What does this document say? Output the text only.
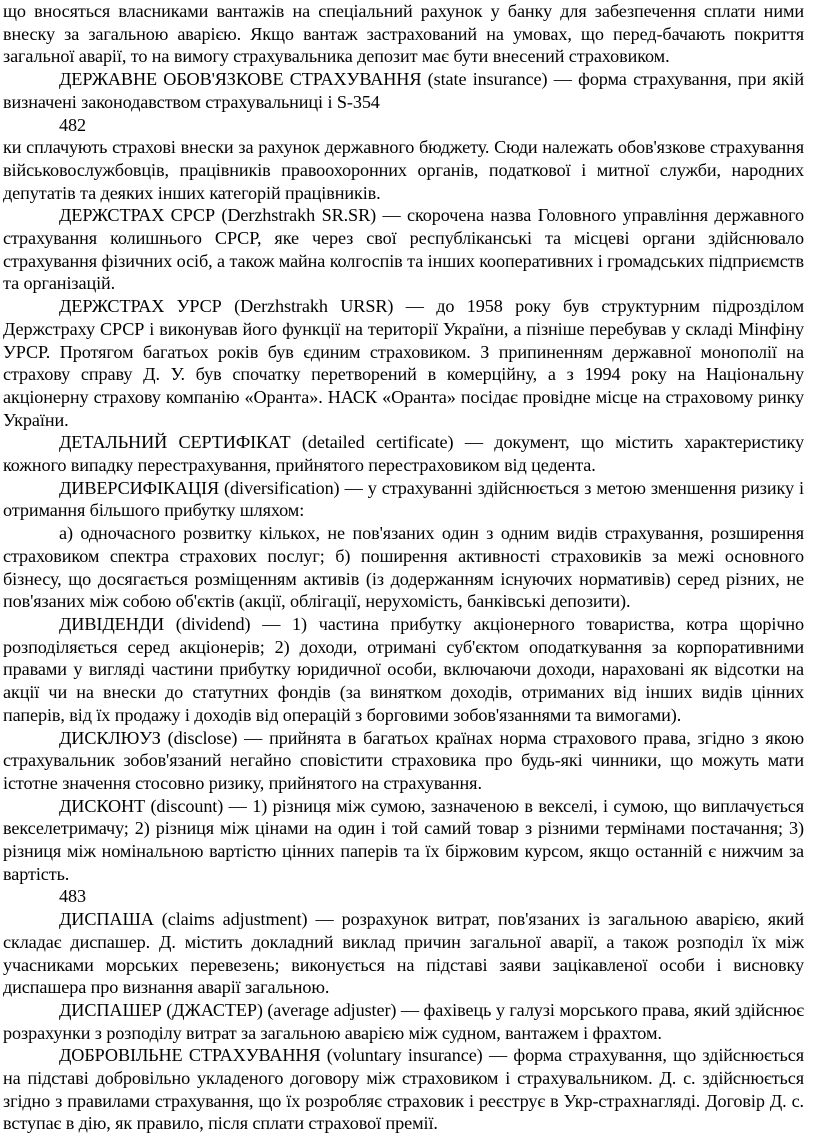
що вносяться власниками вантажів на спеціальний рахунок у банку для забезпечення сплати ними внеску за загальною аварією. Якщо вантаж застрахований на умовах, що перед-бачають покриття загальної аварії, то на вимогу страхувальника депозит має бути внесений страховиком.

ДЕРЖАВНЕ ОБОВ'ЯЗКОВЕ СТРАХУВАННЯ (state insurance) — форма страхування, при якій визначені законодавством страхувальниці і S-354

482

ки сплачують страхові внески за рахунок державного бюджету. Сюди належать обов'язкове страхування військовослужбовців, працівників правоохоронних органів, податкової і митної служби, народних депутатів та деяких інших категорій працівників.

ДЕРЖСТРАХ СРСР (Derzhstrakh SR.SR) — скорочена назва Головного управління державного страхування колишнього СРСР, яке через свої республіканські та місцеві органи здійснювало страхування фізичних осіб, а також майна колгоспів та інших кооперативних і громадських підприємств та організацій.

ДЕРЖСТРАХ УРСР (Derzhstrakh URSR) — до 1958 року був структурним підрозділом Держстраху СРСР і виконував його функції на території України, а пізніше перебував у складі Мінфіну УРСР. Протягом багатьох років був єдиним страховиком. З припиненням державної монополії на страхову справу Д. У. був спочатку перетворений в комерційну, а з 1994 року на Національну акціонерну страхову компанію «Оранта». НАСК «Оранта» посідає провідне місце на страховому ринку України.

ДЕТАЛЬНИЙ СЕРТИФІКАТ (detailed certificate) — документ, що містить характеристику кожного випадку перестрахування, прийнятого перестраховиком від цедента.

ДИВЕРСИФІКАЦІЯ (diversification) — у страхуванні здійснюється з метою зменшення ризику і отримання більшого прибутку шляхом:

а) одночасного розвитку кількох, не пов'язаних один з одним видів страхування, розширення страховиком спектра страхових послуг; б) поширення активності страховиків за межі основного бізнесу, що досягається розміщенням активів (із додержанням існуючих нормативів) серед різних, не пов'язаних між собою об'єктів (акції, облігації, нерухомість, банківські депозити).

ДИВІДЕНДИ (dividend) — 1) частина прибутку акціонерного товариства, котра щорічно розподіляється серед акціонерів; 2) доходи, отримані суб'єктом оподаткування за корпоративними правами у вигляді частини прибутку юридичної особи, включаючи доходи, нараховані як відсотки на акції чи на внески до статутних фондів (за винятком доходів, отриманих від інших видів цінних паперів, від їх продажу і доходів від операцій з борговими зобов'язаннями та вимогами).

ДИСКЛЮУЗ (disclose) — прийнята в багатьох країнах норма страхового права, згідно з якою страхувальник зобов'язаний негайно сповістити страховика про будь-які чинники, що можуть мати істотне значення стосовно ризику, прийнятого на страхування.

ДИСКОНТ (discount) — 1) різниця між сумою, зазначеною в векселі, і сумою, що виплачується векселетримачу; 2) різниця між цінами на один і той самий товар з різними термінами постачання; 3) різниця між номінальною вартістю цінних паперів та їх біржовим курсом, якщо останній є нижчим за вартість.

483

ДИСПАША (claims adjustment) — розрахунок витрат, пов'язаних із загальною аварією, який складає диспашер. Д. містить докладний виклад причин загальної аварії, а також розподіл їх між учасниками морських перевезень; виконується на підставі заяви зацікавленої особи і висновку диспашера про визнання аварії загальною.

ДИСПАШЕР (ДЖАСТЕР) (average adjuster) — фахівець у галузі морського права, який здійснює розрахунки з розподілу витрат за загальною аварією між судном, вантажем і фрахтом.

ДОБРОВІЛЬНЕ СТРАХУВАННЯ (voluntary insurance) — форма страхування, що здійснюється на підставі добровільно укладеного договору між страховиком і страхувальником. Д. с. здійснюється згідно з правилами страхування, що їх розробляє страховик і реєструє в Укр-страхнагляді. Договір Д. с. вступає в дію, як правило, після сплати страхової премії.
